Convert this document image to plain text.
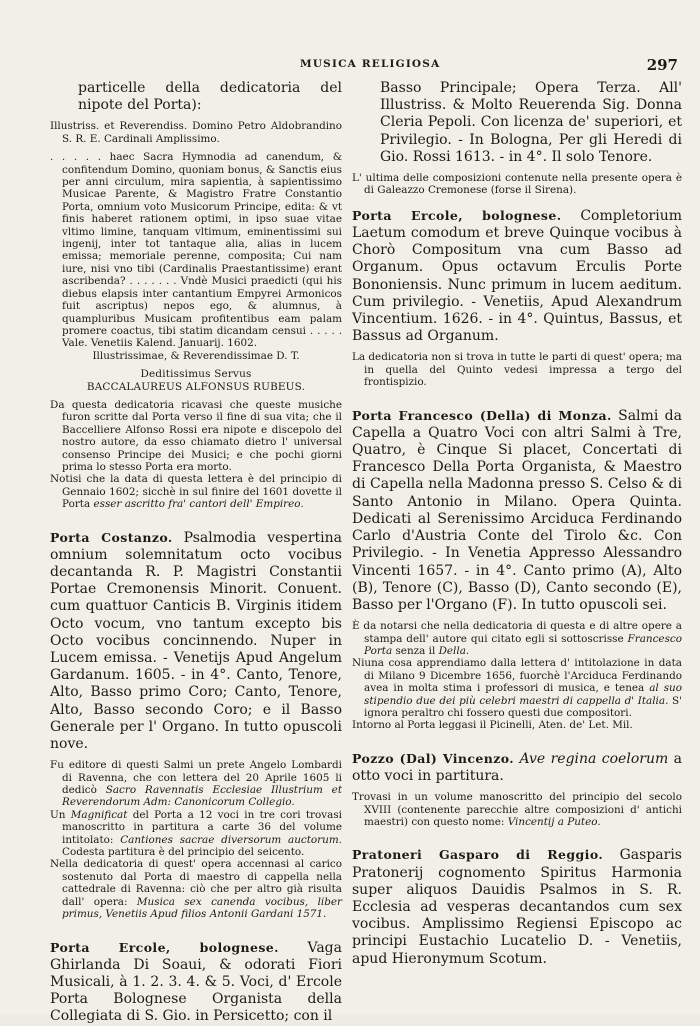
MUSICA RELIGIOSA	297

particelle della dedicatoria del nipote del Porta):

Illustriss. et Reverendiss. Domino Petro Aldobrandino S. R. E. Cardinali Amplissimo.

. . . . . haec Sacra Hymnodia ad canendum, & confitendum Domino, quoniam bonus, & Sanctis eius per anni circulum, mira sapientia, à sapientissimo Musicae Parente, & Magistro Fratre Constantio Porta, omnium voto Musicorum Principe, edita: & vt finis haberet rationem optimi, in ipso suae vitae vltimo limine, tanquam vltimum, eminentissimi sui ingenij, inter tot tantaque alia, alias in lucem emissa; memoriale perenne, composita; Cui nam iure, nisi vno tibi (Cardinalis Praestantissime) erant ascribenda? . . . . . . . Vndè Musici praedicti (qui his diebus elapsis inter cantantium Empyrei Armonicos fuit ascriptus) nepos ego, & alumnus, à quampluribus Musicam profitentibus eam palam promere coactus, tibi statim dicandam censui . . . . . Vale. Venetiis Kalend. Januarij. 1602.

Illustrissimae, & Reverendissimae D. T.

Deditissimus Servus

BACCALAUREUS ALFONSUS RUBEUS.

Da questa dedicatoria ricavasi che queste musiche furon scritte dal Porta verso il fine di sua vita; che il Baccelliere Alfonso Rossi era nipote e discepolo del nostro autore, da esso chiamato dietro l' universal consenso Principe dei Musici; e che pochi giorni prima lo stesso Porta era morto.

Notisi che la data di questa lettera è del principio di Gennaio 1602; sicchè in sul finire del 1601 dovette il Porta esser ascritto fra' cantori dell' Empireo.

Porta Costanzo. Psalmodia vespertina omnium solemnitatum octo vocibus decantanda R. P. Magistri Constantii Portae Cremonensis Minorit. Conuent. cum quattuor Canticis B. Virginis itidem Octo vocum, vno tantum excepto bis Octo vocibus concinnendo. Nuper in Lucem emissa. - Venetijs Apud Angelum Gardanum. 1605. - in 4°. Canto, Tenore, Alto, Basso primo Coro; Canto, Tenore, Alto, Basso secondo Coro; e il Basso Generale per l' Organo. In tutto opuscoli nove.

Fu editore di questi Salmi un prete Angelo Lombardi di Ravenna, che con lettera del 20 Aprile 1605 li dedicò Sacro Ravennatis Ecclesiae Illustrium et Reverendorum Adm: Canonicorum Collegio.

Un Magnificat del Porta a 12 voci in tre cori trovasi manoscritto in partitura a carte 36 del volume intitolato: Cantiones sacrae diversorum auctorum. Codesta partitura è del principio del seicento.

Nella dedicatoria di quest' opera accennasi al carico sostenuto dal Porta di maestro di cappella nella cattedrale di Ravenna: ciò che per altro già risulta dall' opera: Musica sex canenda vocibus, liber primus, Venetiis Apud filios Antonii Gardani 1571.

Porta Ercole, bolognese. Vaga Ghirlanda Di Soaui, & odorati Fiori Musicali, à 1. 2. 3. 4. & 5. Voci, d' Ercole Porta Bolognese Organista della Collegiata di S. Gio. in Persicetto; con il

Basso Principale; Opera Terza. All' Illustriss. & Molto Reuerenda Sig. Donna Cleria Pepoli. Con licenza de' superiori, et Privilegio. - In Bologna, Per gli Heredi di Gio. Rossi 1613. - in 4°. Il solo Tenore.

L' ultima delle composizioni contenute nella presente opera è di Galeazzo Cremonese (forse il Sirena).

Porta Ercole, bolognese. Completorium Laetum comodum et breve Quinque vocibus à Chorò Compositum vna cum Basso ad Organum. Opus octavum Erculis Porte Bononiensis. Nunc primum in lucem aeditum. Cum privilegio. - Venetiis, Apud Alexandrum Vincentium. 1626. - in 4°. Quintus, Bassus, et Bassus ad Organum.

La dedicatoria non si trova in tutte le parti di quest' opera; ma in quella del Quinto vedesi impressa a tergo del frontispizio.

Porta Francesco (Della) di Monza. Salmi da Capella a Quatro Voci con altri Salmi à Tre, Quatro, è Cinque Si placet, Concertati di Francesco Della Porta Organista, & Maestro di Capella nella Madonna presso S. Celso & di Santo Antonio in Milano. Opera Quinta. Dedicati al Serenissimo Arciduca Ferdinando Carlo d'Austria Conte del Tirolo &c. Con Privilegio. - In Venetia Appresso Alessandro Vincenti 1657. - in 4°. Canto primo (A), Alto (B), Tenore (C), Basso (D), Canto secondo (E), Basso per l'Organo (F). In tutto opuscoli sei.

È da notarsi che nella dedicatoria di questa e di altre opere a stampa dell' autore qui citato egli si sottoscrisse Francesco Porta senza il Della.

Niuna cosa apprendiamo dalla lettera d' intitolazione in data di Milano 9 Dicembre 1656, fuorchè l'Arciduca Ferdinando avea in molta stima i professori di musica, e tenea al suo stipendio due dei più celebri maestri di cappella d' Italia. S' ignora peraltro chi fossero questi due compositori.

Intorno al Porta leggasi il Picinelli, Aten. de' Let. Mil.

Pozzo (Dal) Vincenzo. Ave regina coelorum a otto voci in partitura.

Trovasi in un volume manoscritto del principio del secolo XVIII (contenente parecchie altre composizioni d' antichi maestri) con questo nome: Vincentij a Puteo.

Pratoneri Gasparo di Reggio. Gasparis Pratonerij cognomento Spiritus Harmonia super aliquos Dauidis Psalmos in S. R. Ecclesia ad vesperas decantandos cum sex vocibus. Amplissimo Regiensi Episcopo ac principi Eustachio Lucatelio D. - Venetiis, apud Hieronymum Scotum.
